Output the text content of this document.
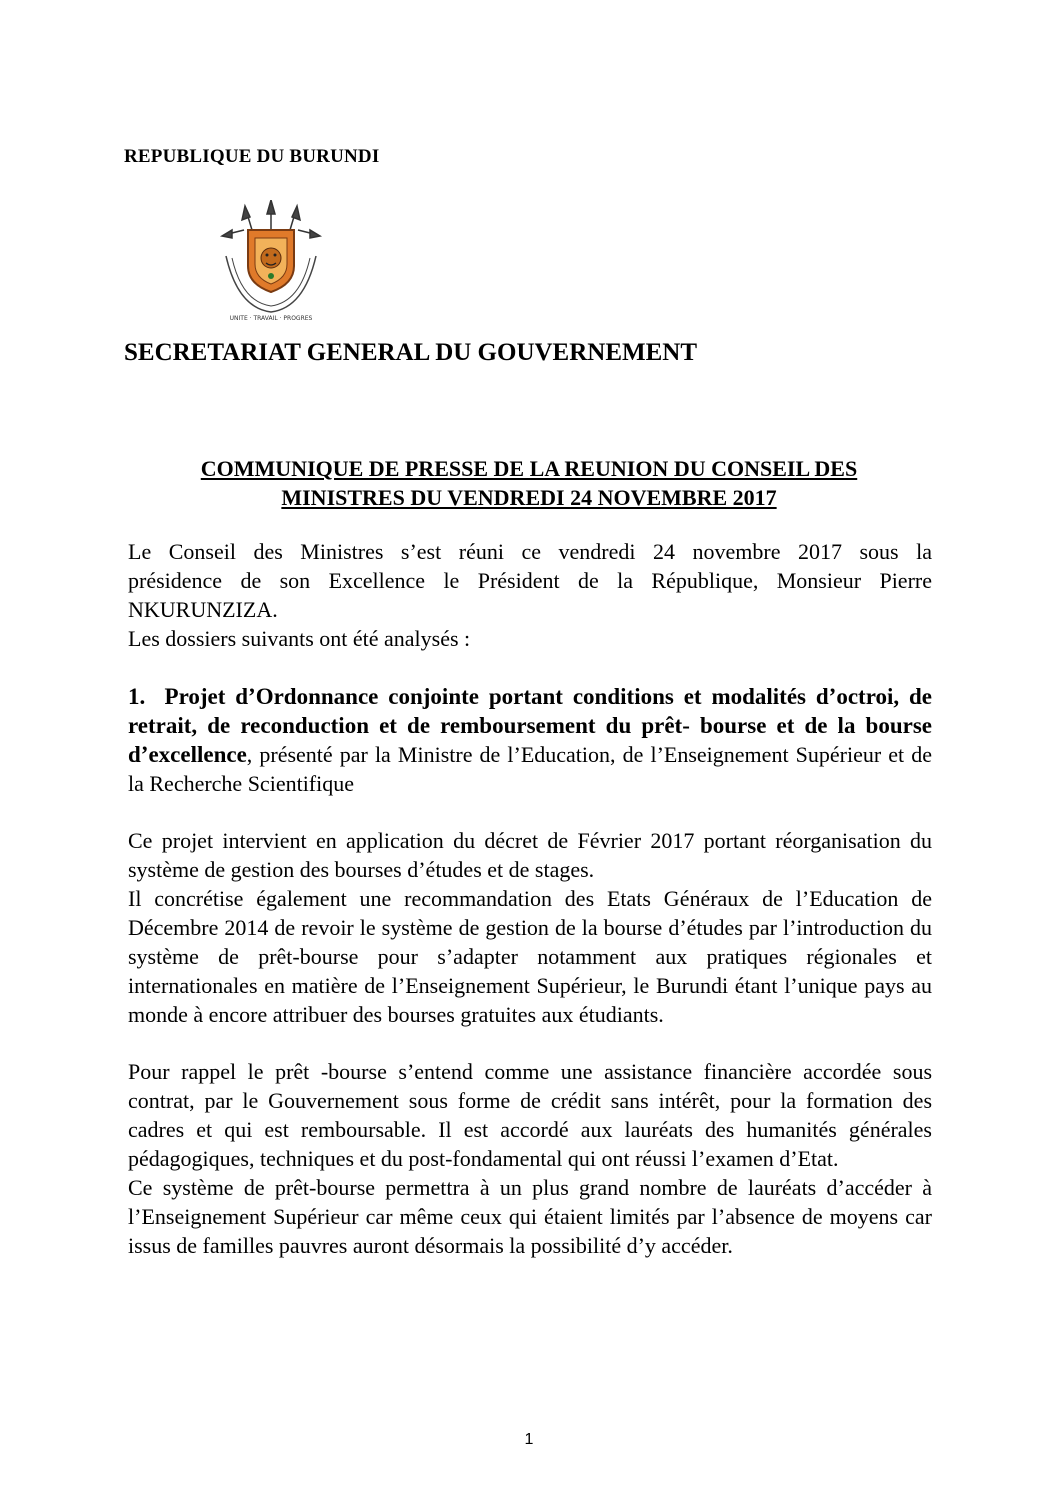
REPUBLIQUE DU BURUNDI
UNITE · TRAVAIL · PROGRES
SECRETARIAT GENERAL DU GOUVERNEMENT
COMMUNIQUE DE PRESSE DE LA REUNION DU CONSEIL DES
MINISTRES DU VENDREDI 24 NOVEMBRE 2017

Le Conseil des Ministres s’est réuni ce vendredi 24 novembre 2017 sous la

présidence de son Excellence le Président de la République, Monsieur Pierre

NKURUNZIZA.

Les dossiers suivants ont été analysés :

1. Projet d’Ordonnance conjointe portant conditions et modalités d’octroi, de retrait, de reconduction et de remboursement du prêt- bourse et de la bourse d’excellence, présenté par la Ministre de l’Education, de l’Enseignement Supérieur et de la Recherche Scientifique

Ce projet intervient en application du décret de Février 2017 portant réorganisation du système de gestion des bourses d’études et de stages.

Il concrétise également une recommandation des Etats Généraux de l’Education de Décembre 2014 de revoir le système de gestion de la bourse d’études par l’introduction du système de prêt-bourse pour s’adapter notamment aux pratiques régionales et internationales en matière de l’Enseignement Supérieur, le Burundi étant l’unique pays au monde à encore attribuer des bourses gratuites aux étudiants.

Pour rappel le prêt -bourse s’entend comme une assistance financière accordée sous contrat, par le Gouvernement sous forme de crédit sans intérêt, pour la formation des cadres et qui est remboursable. Il est accordé aux lauréats des humanités générales pédagogiques, techniques et du post-fondamental qui ont réussi l’examen d’Etat.

Ce système de prêt-bourse permettra à un plus grand nombre de lauréats d’accéder à l’Enseignement Supérieur car même ceux qui étaient limités par l’absence de moyens car issus de familles pauvres auront désormais la possibilité d’y accéder.

1
